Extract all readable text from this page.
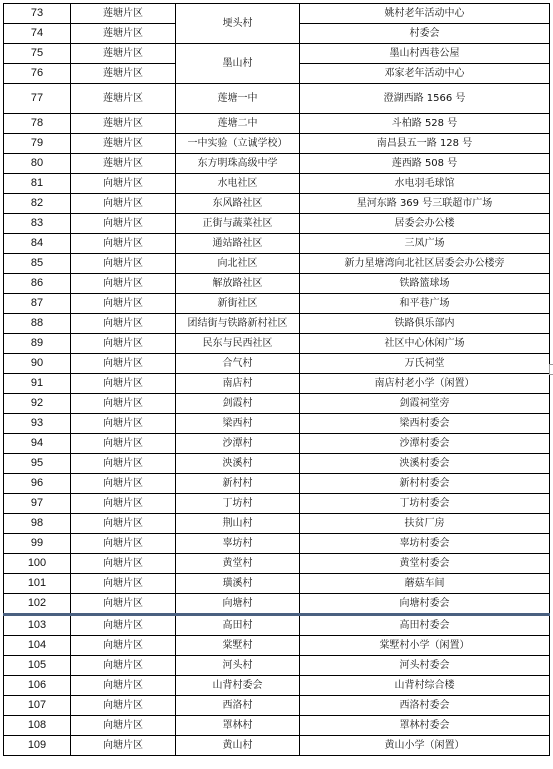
73	莲塘片区	埂头村	姚村老年活动中心
74	莲塘片区		村委会
75	莲塘片区	墨山村	墨山村西巷公屋
76	莲塘片区		邓家老年活动中心
77	莲塘片区	莲塘一中	澄湖西路 1566 号
78	莲塘片区	莲塘二中	斗柏路 528 号
79	莲塘片区	一中实验（立诚学校）	南昌县五一路 128 号
80	莲塘片区	东方明珠高级中学	莲西路 508 号
81	向塘片区	水电社区	水电羽毛球馆
82	向塘片区	东风路社区	星河东路 369 号三联超市广场
83	向塘片区	正街与蔬菜社区	居委会办公楼
84	向塘片区	通站路社区	三凤广场
85	向塘片区	向北社区	新力星塘湾向北社区居委会办公楼旁
86	向塘片区	解放路社区	铁路篮球场
87	向塘片区	新街社区	和平巷广场
88	向塘片区	团结街与铁路新村社区	铁路俱乐部内
89	向塘片区	民东与民西社区	社区中心休闲广场
90	向塘片区	合气村	万氏祠堂
91	向塘片区	南店村	南店村老小学（闲置）
92	向塘片区	剑霞村	剑霞祠堂旁
93	向塘片区	梁西村	梁西村委会
94	向塘片区	沙潭村	沙潭村委会
95	向塘片区	泱溪村	泱溪村委会
96	向塘片区	新村村	新村村委会
97	向塘片区	丁坊村	丁坊村委会
98	向塘片区	荆山村	扶贫厂房
99	向塘片区	辜坊村	辜坊村委会
100	向塘片区	黄堂村	黄堂村委会
101	向塘片区	璜溪村	蘑菇车间
102	向塘片区	向塘村	向塘村委会
103	向塘片区	高田村	高田村委会
104	向塘片区	棠墅村	棠墅村小学（闲置）
105	向塘片区	河头村	河头村委会
106	向塘片区	山背村委会	山背村综合楼
107	向塘片区	西洛村	西洛村委会
108	向塘片区	罩林村	罩林村委会
109	向塘片区	黄山村	黄山小学（闲置）
